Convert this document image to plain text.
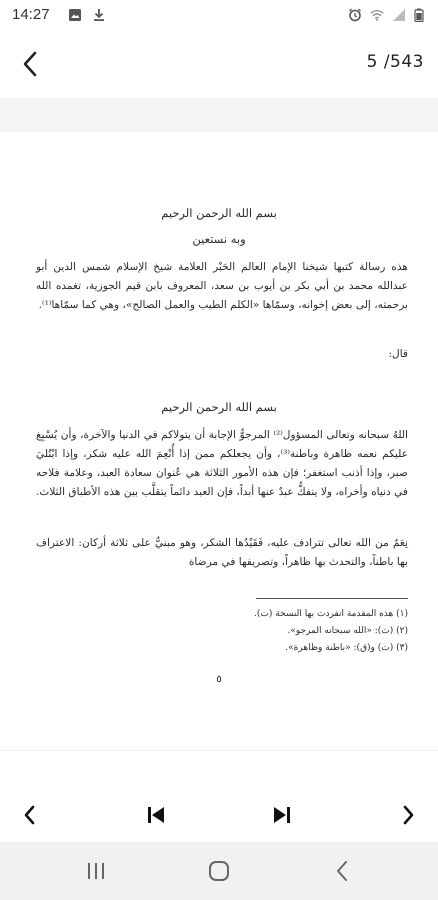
14:27
5 /543
بسم الله الرحمن الرحيم
وبه نستعين
هذه رسالة كتبها شيخنا الإمام العالم الحَبْر العلامة شيخ الإسلام شمس الدين أبو عبدالله محمد بن أبي بكر بن أيوب بن سعد، المعروف بابن قيم الجوزية، تغمده الله برحمته، إلى بعض إخوانه، وسمّاها «الكلم الطيب والعمل الصالح»، وهي كما سمّاها⁽¹⁾.
قال:
بسم الله الرحمن الرحيم
اللهُ سبحانه وتعالى المسؤول⁽²⁾ المرجوُّ الإجابة أن يتولاكم في الدنيا والآخرة، وأن يُسْبِغ عليكم نعمه ظاهرة وباطنة⁽³⁾، وأن يجعلكم ممن إذا أُنْعِمَ الله عليه شكر، وإذا ابْتُليَ صبر، وإذا أذنب استغفر؛ فإن هذه الأمور الثلاثة هي عُنوان سعادة العبد، وعلامة فلاحه في دنياه وأخراه، ولا ينفكُّ عبدٌ عنها أبداً، فإن العبد دائماً يتقلَّب بين هذه الأطباق الثلاث.
نِعَمٌ من الله تعالى تترادف عليه، فَقَيْدُها الشكر، وهو مبنيٌّ على ثلاثة أركان: الاعتراف بها باطناً، والتحدث بها ظاهراً، وتصريفها في مرضاة
(١) هذه المقدمة انفردت بها النسخة (ت).
(٢) (ت): «الله سبحانه المرجو».
(٣) (ت) و(ق): «باطنة وظاهرة».
٥
